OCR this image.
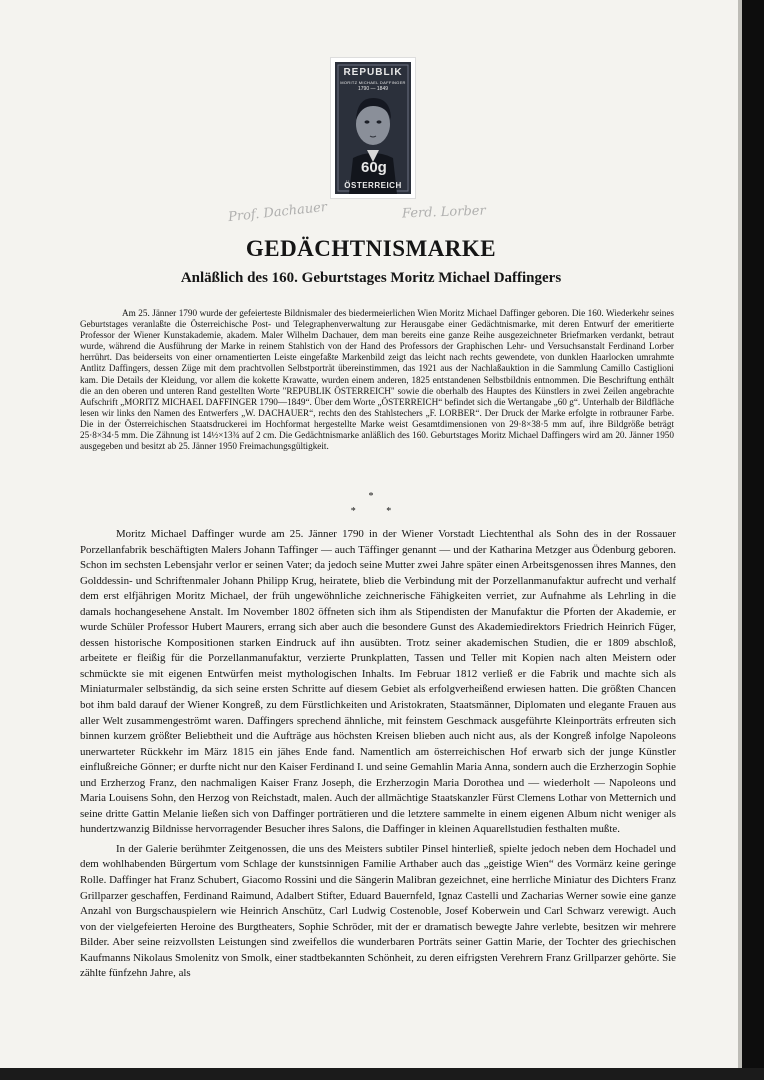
REPUBLIK
MORITZ MICHAEL DAFFINGER
1790 — 1849
60g
ÖSTERREICH
Prof. Dachauer	Ferd. Lorber
GEDÄCHTNISMARKE
Anläßlich des 160. Geburtstages Moritz Michael Daffingers

Am 25. Jänner 1790 wurde der gefeierteste Bildnismaler des biedermeierlichen Wien Moritz Michael Daffinger geboren. Die 160. Wiederkehr seines Geburtstages veranlaßte die Österreichische Post- und Telegraphenverwaltung zur Herausgabe einer Gedächtnismarke, mit deren Entwurf der emeritierte Professor der Wiener Kunstakademie, akadem. Maler Wilhelm Dachauer, dem man bereits eine ganze Reihe ausgezeichneter Briefmarken verdankt, betraut wurde, während die Ausführung der Marke in reinem Stahlstich von der Hand des Professors der Graphischen Lehr- und Versuchsanstalt Ferdinand Lorber herrührt. Das beiderseits von einer ornamentierten Leiste eingefaßte Markenbild zeigt das leicht nach rechts gewendete, von dunklen Haarlocken umrahmte Antlitz Daffingers, dessen Züge mit dem prachtvollen Selbstporträt übereinstimmen, das 1921 aus der Nachlaßauktion in die Sammlung Camillo Castiglioni kam. Die Details der Kleidung, vor allem die kokette Krawatte, wurden einem anderen, 1825 entstandenen Selbstbildnis entnommen. Die Beschriftung enthält die an den oberen und unteren Rand gestellten Worte "REPUBLIK ÖSTERREICH" sowie die oberhalb des Hauptes des Künstlers in zwei Zeilen angebrachte Aufschrift „MORITZ MICHAEL DAFFINGER 1790—1849“. Über dem Worte „ÖSTERREICH“ befindet sich die Wertangabe „60 g“. Unterhalb der Bildfläche lesen wir links den Namen des Entwerfers „W. DACHAUER“, rechts den des Stahlstechers „F. LORBER“. Der Druck der Marke erfolgte in rotbrauner Farbe. Die in der Österreichischen Staatsdruckerei im Hochformat hergestellte Marke weist Gesamtdimensionen von 29·8×38·5 mm auf, ihre Bildgröße beträgt 25·8×34·5 mm. Die Zähnung ist 14½×13¾ auf 2 cm. Die Gedächtnismarke anläßlich des 160. Geburtstages Moritz Michael Daffingers wird am 20. Jänner 1950 ausgegeben und besitzt ab 25. Jänner 1950 Freimachungsgültigkeit.

*
* *

Moritz Michael Daffinger wurde am 25. Jänner 1790 in der Wiener Vorstadt Liechtenthal als Sohn des in der Rossauer Porzellanfabrik beschäftigten Malers Johann Taffinger — auch Täffinger genannt — und der Katharina Metzger aus Ödenburg geboren. Schon im sechsten Lebensjahr verlor er seinen Vater; da jedoch seine Mutter zwei Jahre später einen Arbeitsgenossen ihres Mannes, den Golddessin- und Schriftenmaler Johann Philipp Krug, heiratete, blieb die Verbindung mit der Porzellanmanufaktur aufrecht und verhalf dem erst elfjährigen Moritz Michael, der früh ungewöhnliche zeichnerische Fähigkeiten verriet, zur Aufnahme als Lehrling in die damals hochangesehene Anstalt. Im November 1802 öffneten sich ihm als Stipendisten der Manufaktur die Pforten der Akademie, er wurde Schüler Professor Hubert Maurers, errang sich aber auch die besondere Gunst des Akademiedirektors Friedrich Heinrich Füger, dessen historische Kompositionen starken Eindruck auf ihn ausübten. Trotz seiner akademischen Studien, die er 1809 abschloß, arbeitete er fleißig für die Porzellanmanufaktur, verzierte Prunkplatten, Tassen und Teller mit Kopien nach alten Meistern oder schmückte sie mit eigenen Entwürfen meist mythologischen Inhalts. Im Februar 1812 verließ er die Fabrik und machte sich als Miniaturmaler selbständig, da sich seine ersten Schritte auf diesem Gebiet als erfolgverheißend erwiesen hatten. Die größten Chancen bot ihm bald darauf der Wiener Kongreß, zu dem Fürstlichkeiten und Aristokraten, Staatsmänner, Diplomaten und elegante Frauen aus aller Welt zusammengeströmt waren. Daffingers sprechend ähnliche, mit feinstem Geschmack ausgeführte Kleinporträts erfreuten sich binnen kurzem größter Beliebtheit und die Aufträge aus höchsten Kreisen blieben auch nicht aus, als der Kongreß infolge Napoleons unerwarteter Rückkehr im März 1815 ein jähes Ende fand. Namentlich am österreichischen Hof erwarb sich der junge Künstler einflußreiche Gönner; er durfte nicht nur den Kaiser Ferdinand I. und seine Gemahlin Maria Anna, sondern auch die Erzherzogin Sophie und Erzherzog Franz, den nachmaligen Kaiser Franz Joseph, die Erzherzogin Maria Dorothea und — wiederholt — Napoleons und Maria Louisens Sohn, den Herzog von Reichstadt, malen. Auch der allmächtige Staatskanzler Fürst Clemens Lothar von Metternich und seine dritte Gattin Melanie ließen sich von Daffinger porträtieren und die letztere sammelte in einem eigenen Album nicht weniger als hundertzwanzig Bildnisse hervorragender Besucher ihres Salons, die Daffinger in kleinen Aquarellstudien festhalten mußte.

In der Galerie berühmter Zeitgenossen, die uns des Meisters subtiler Pinsel hinterließ, spielte jedoch neben dem Hochadel und dem wohlhabenden Bürgertum vom Schlage der kunstsinnigen Familie Arthaber auch das „geistige Wien“ des Vormärz keine geringe Rolle. Daffinger hat Franz Schubert, Giacomo Rossini und die Sängerin Malibran gezeichnet, eine herrliche Miniatur des Dichters Franz Grillparzer geschaffen, Ferdinand Raimund, Adalbert Stifter, Eduard Bauernfeld, Ignaz Castelli und Zacharias Werner sowie eine ganze Anzahl von Burgschauspielern wie Heinrich Anschütz, Carl Ludwig Costenoble, Josef Koberwein und Carl Schwarz verewigt. Auch von der vielgefeierten Heroine des Burgtheaters, Sophie Schröder, mit der er dramatisch bewegte Jahre verlebte, besitzen wir mehrere Bilder. Aber seine reizvollsten Leistungen sind zweifellos die wunderbaren Porträts seiner Gattin Marie, der Tochter des griechischen Kaufmanns Nikolaus Smolenitz von Smolk, einer stadtbekannten Schönheit, zu deren eifrigsten Verehrern Franz Grillparzer gehörte. Sie zählte fünfzehn Jahre, als
